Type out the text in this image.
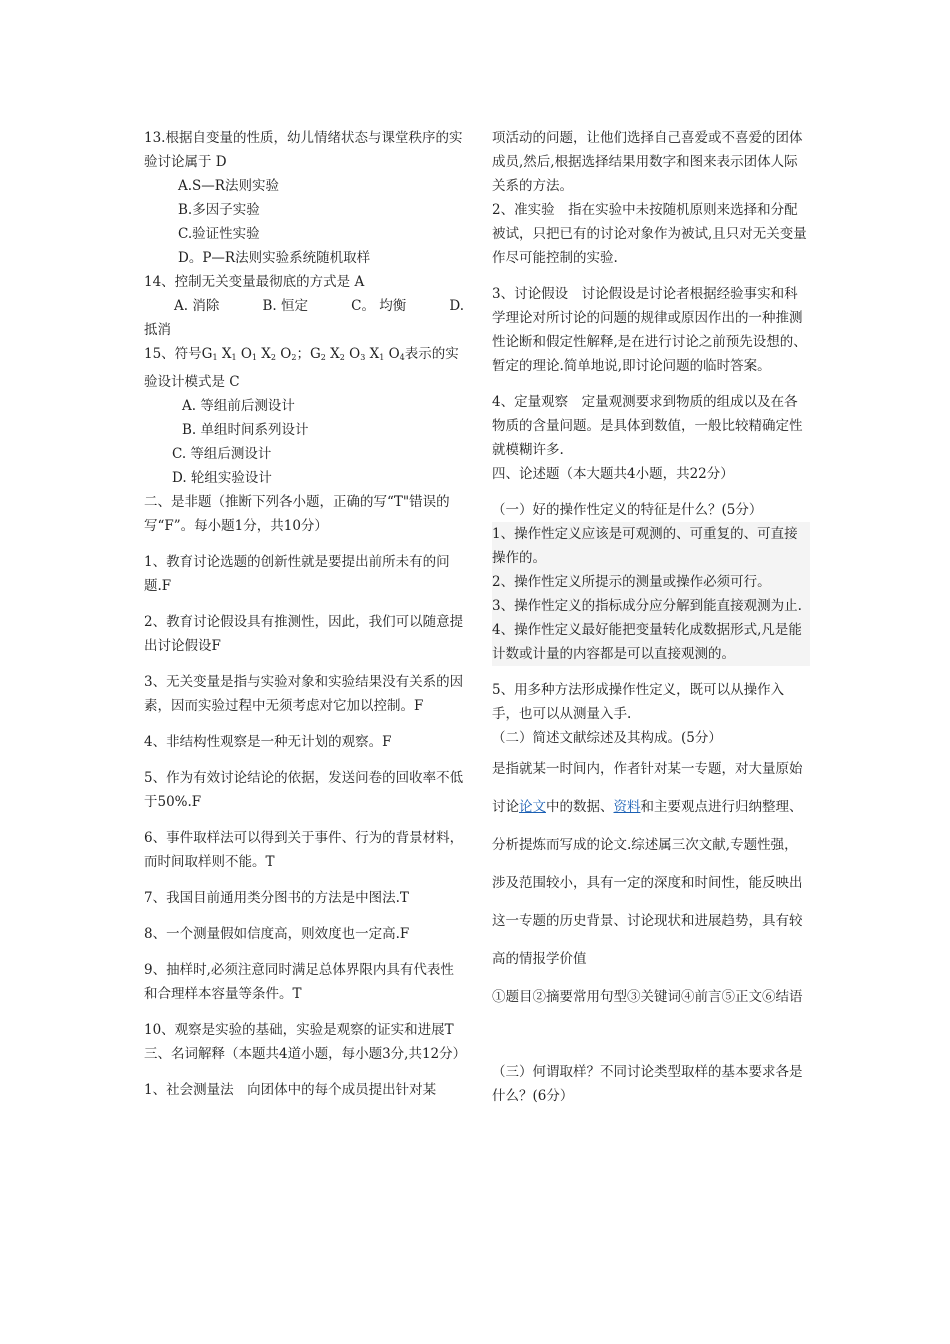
13.根据自变量的性质，幼儿情绪状态与课堂秩序的实验讨论属于 D

A.S—R法则实验

B.多因子实验

C.验证性实验

D。P—R法则实验系统随机取样

14、控制无关变量最彻底的方式是 A

A. 消除	B. 恒定	C。 均衡	D.

抵消

15、符号$G_1$ $X_1$ $O_1$ $X_2$ $O_2$；$G_2$ $X_2$ $O_3$ $X_1$ $O_4$表示的实验设计模式是 C

A. 等组前后测设计

B. 单组时间系列设计

C. 等组后测设计

D. 轮组实验设计

二、是非题（推断下列各小题，正确的写“T"错误的写“F”。每小题1分，共10分）

1、教育讨论选题的创新性就是要提出前所未有的问题.F

2、教育讨论假设具有推测性，因此，我们可以随意提出讨论假设F

3、无关变量是指与实验对象和实验结果没有关系的因素，因而实验过程中无须考虑对它加以控制。F

4、非结构性观察是一种无计划的观察。F

5、作为有效讨论结论的依据，发送问卷的回收率不低于50%.F

6、事件取样法可以得到关于事件、行为的背景材料，而时间取样则不能。T

7、我国目前通用类分图书的方法是中图法.T

8、一个测量假如信度高，则效度也一定高.F

9、抽样时,必须注意同时满足总体界限内具有代表性和合理样本容量等条件。T

10、观察是实验的基础，实验是观察的证实和进展T

三、名词解释（本题共4道小题，每小题3分,共12分）

1、社会测量法　向团体中的每个成员提出针对某

项活动的问题，让他们选择自己喜爱或不喜爱的团体成员,然后,根据选择结果用数字和图来表示团体人际关系的方法。

2、准实验　指在实验中未按随机原则来选择和分配被试，只把已有的讨论对象作为被试,且只对无关变量作尽可能控制的实验.

3、讨论假设　讨论假设是讨论者根据经验事实和科学理论对所讨论的问题的规律或原因作出的一种推测性论断和假定性解释,是在进行讨论之前预先设想的、暂定的理论.简单地说,即讨论问题的临时答案。

4、定量观察　定量观测要求到物质的组成以及在各物质的含量问题。是具体到数值，一般比较精确定性就模糊许多.

四、论述题（本大题共4小题，共22分）

（一）好的操作性定义的特征是什么？(5分）

1、操作性定义应该是可观测的、可重复的、可直接操作的。

2、操作性定义所提示的测量或操作必须可行。

3、操作性定义的指标成分应分解到能直接观测为止.

4、操作性定义最好能把变量转化成数据形式,凡是能计数或计量的内容都是可以直接观测的。

5、用多种方法形成操作性定义，既可以从操作入手，也可以从测量入手.

（二）简述文献综述及其构成。(5分）

是指就某一时间内，作者针对某一专题，对大量原始讨论论文中的数据、资料和主要观点进行归纳整理、分析提炼而写成的论文.综述属三次文献,专题性强，涉及范围较小，具有一定的深度和时间性，能反映出这一专题的历史背景、讨论现状和进展趋势，具有较高的情报学价值

①题目②摘要常用句型③关键词④前言⑤正文⑥结语

（三）何谓取样？不同讨论类型取样的基本要求各是什么？(6分）
